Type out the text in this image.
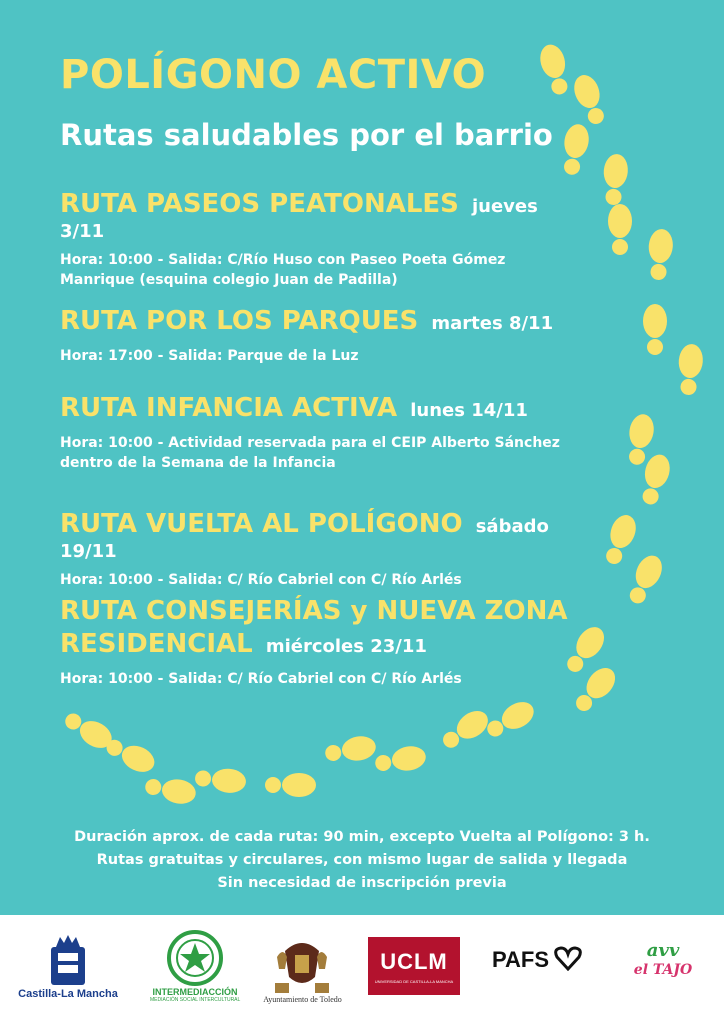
POLÍGONO ACTIVO
Rutas saludables por el barrio
RUTA PASEOS PEATONALES jueves 3/11
Hora: 10:00 - Salida: C/Río Huso con Paseo Poeta Gómez
Manrique (esquina colegio Juan de Padilla)
RUTA POR LOS PARQUES martes 8/11
Hora: 17:00 - Salida: Parque de la Luz
RUTA INFANCIA ACTIVA lunes 14/11
Hora: 10:00 - Actividad reservada para el CEIP Alberto Sánchez
dentro de la Semana de la Infancia
RUTA VUELTA AL POLÍGONO sábado 19/11
Hora: 10:00 - Salida: C/ Río Cabriel con C/ Río Arlés
RUTA CONSEJERÍAS y NUEVA ZONA
RESIDENCIAL miércoles 23/11
Hora: 10:00 - Salida: C/ Río Cabriel con C/ Río Arlés
Duración aprox. de cada ruta: 90 min, excepto Vuelta al Polígono: 3 h.
Rutas gratuitas y circulares, con mismo lugar de salida y llegada
Sin necesidad de inscripción previa
Castilla-La Mancha	INTERMEDIACCIÓN
MEDIACIÓN SOCIAL INTERCULTURAL	Ayuntamiento de Toledo
UCLM
UNIVERSIDAD DE CASTILLA-LA MANCHA
PAFS	avv
el TAJO
